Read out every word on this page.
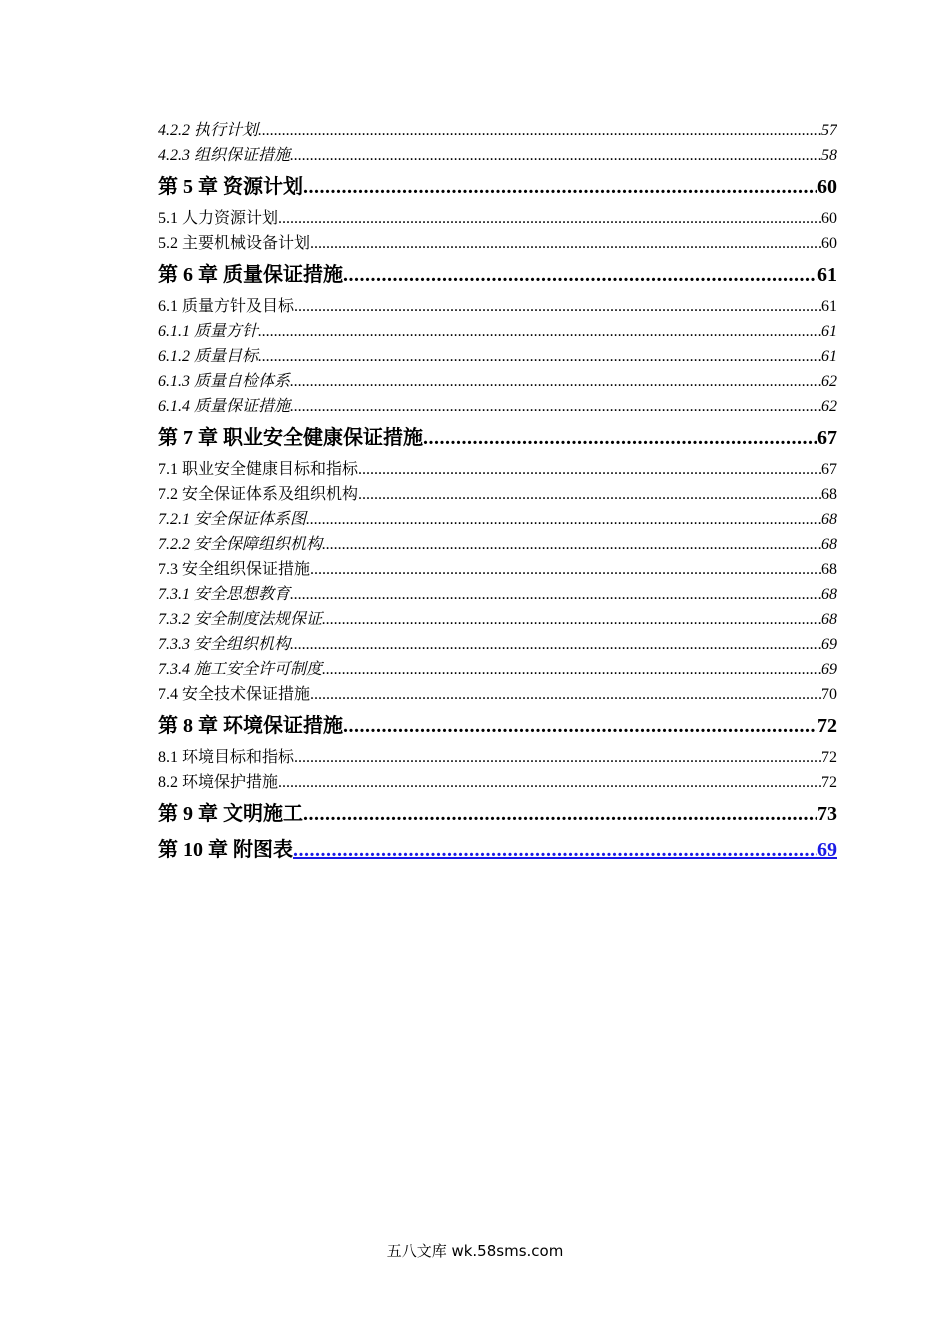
4.2.2 执行计划 .....	57
4.2.3 组织保证措施 .....	58
第 5 章 资源计划 .....	60
5.1 人力资源计划 .....	60
5.2 主要机械设备计划 .....	60
第 6 章 质量保证措施 .....	61
6.1 质量方针及目标 .....	61
6.1.1 质量方针 .....	61
6.1.2 质量目标 .....	61
6.1.3 质量自检体系 .....	62
6.1.4 质量保证措施 .....	62
第 7 章 职业安全健康保证措施 .....	67
7.1 职业安全健康目标和指标 .....	67
7.2 安全保证体系及组织机构 .....	68
7.2.1 安全保证体系图 .....	68
7.2.2 安全保障组织机构 .....	68
7.3 安全组织保证措施 .....	68
7.3.1 安全思想教育 .....	68
7.3.2 安全制度法规保证 .....	68
7.3.3 安全组织机构 .....	69
7.3.4 施工安全许可制度 .....	69
7.4 安全技术保证措施 .....	70
第 8 章 环境保证措施 .....	72
8.1 环境目标和指标 .....	72
8.2 环境保护措施 .....	72
第 9 章 文明施工 .....	73
第 10 章 附图表 .....	69
五八文库 wk.58sms.com
